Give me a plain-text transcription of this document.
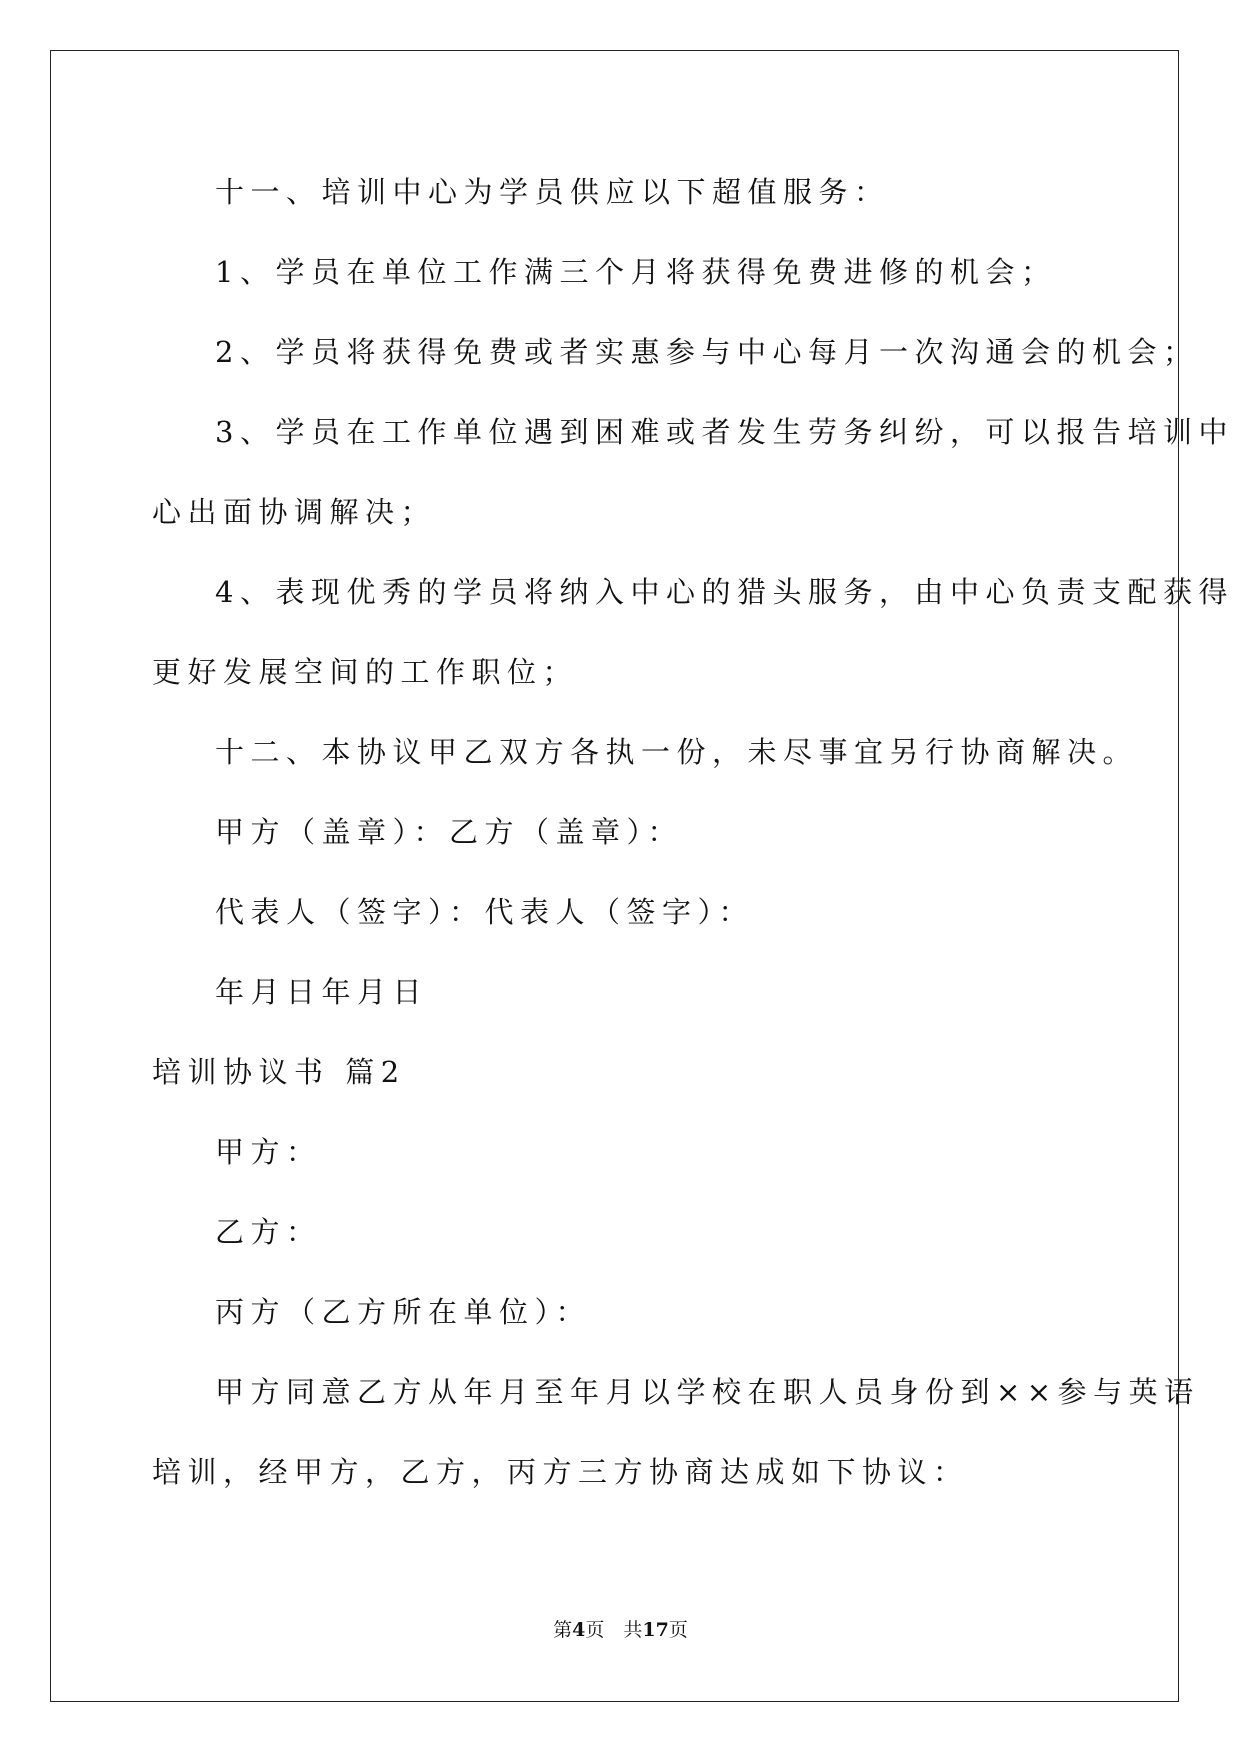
十一、培训中心为学员供应以下超值服务：
1、学员在单位工作满三个月将获得免费进修的机会；
2、学员将获得免费或者实惠参与中心每月一次沟通会的机会；
3、学员在工作单位遇到困难或者发生劳务纠纷，可以报告培训中
心出面协调解决；
4、表现优秀的学员将纳入中心的猎头服务，由中心负责支配获得
更好发展空间的工作职位；
十二、本协议甲乙双方各执一份，未尽事宜另行协商解决。
甲方（盖章）：乙方（盖章）：
代表人（签字）：代表人（签字）：
年月日年月日
培训协议书 篇2
甲方：
乙方：
丙方（乙方所在单位）：
甲方同意乙方从年月至年月以学校在职人员身份到××参与英语
培训，经甲方，乙方，丙方三方协商达成如下协议：
第4页　共17页
